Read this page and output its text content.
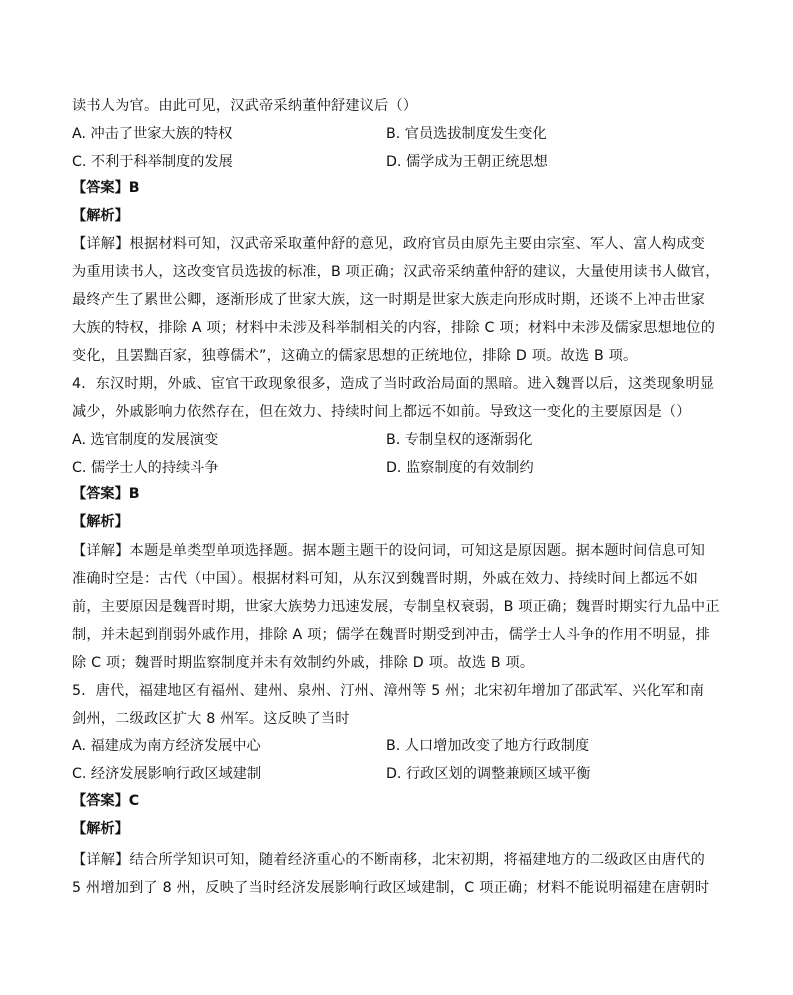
读书人为官。由此可见，汉武帝采纳董仲舒建议后（）
A. 冲击了世家大族的特权	B. 官员选拔制度发生变化
C. 不利于科举制度的发展	D. 儒学成为王朝正统思想
【答案】B
【解析】
【详解】根据材料可知，汉武帝采取董仲舒的意见，政府官员由原先主要由宗室、军人、富人构成变
为重用读书人，这改变官员选拔的标准，B 项正确；汉武帝采纳董仲舒的建议，大量使用读书人做官，
最终产生了累世公卿，逐渐形成了世家大族，这一时期是世家大族走向形成时期，还谈不上冲击世家
大族的特权，排除 A 项；材料中未涉及科举制相关的内容，排除 C 项；材料中未涉及儒家思想地位的
变化，且罢黜百家，独尊儒术”，这确立的儒家思想的正统地位，排除 D 项。故选 B 项。
4．东汉时期，外戚、宦官干政现象很多，造成了当时政治局面的黑暗。进入魏晋以后，这类现象明显
减少，外戚影响力依然存在，但在效力、持续时间上都远不如前。导致这一变化的主要原因是（）
A. 选官制度的发展演变	B. 专制皇权的逐渐弱化
C. 儒学士人的持续斗争	D. 监察制度的有效制约
【答案】B
【解析】
【详解】本题是单类型单项选择题。据本题主题干的设问词，可知这是原因题。据本题时间信息可知
准确时空是：古代（中国）。根据材料可知，从东汉到魏晋时期，外戚在效力、持续时间上都远不如
前，主要原因是魏晋时期，世家大族势力迅速发展，专制皇权衰弱，B 项正确；魏晋时期实行九品中正
制，并未起到削弱外戚作用，排除 A 项；儒学在魏晋时期受到冲击，儒学士人斗争的作用不明显，排
除 C 项；魏晋时期监察制度并未有效制约外戚，排除 D 项。故选 B 项。
5．唐代，福建地区有福州、建州、泉州、汀州、漳州等 5 州；北宋初年增加了邵武军、兴化军和南
剑州，二级政区扩大 8 州军。这反映了当时
A. 福建成为南方经济发展中心	B. 人口增加改变了地方行政制度
C. 经济发展影响行政区域建制	D. 行政区划的调整兼顾区域平衡
【答案】C
【解析】
【详解】结合所学知识可知，随着经济重心的不断南移，北宋初期，将福建地方的二级政区由唐代的
5 州增加到了 8 州，反映了当时经济发展影响行政区域建制，C 项正确；材料不能说明福建在唐朝时
